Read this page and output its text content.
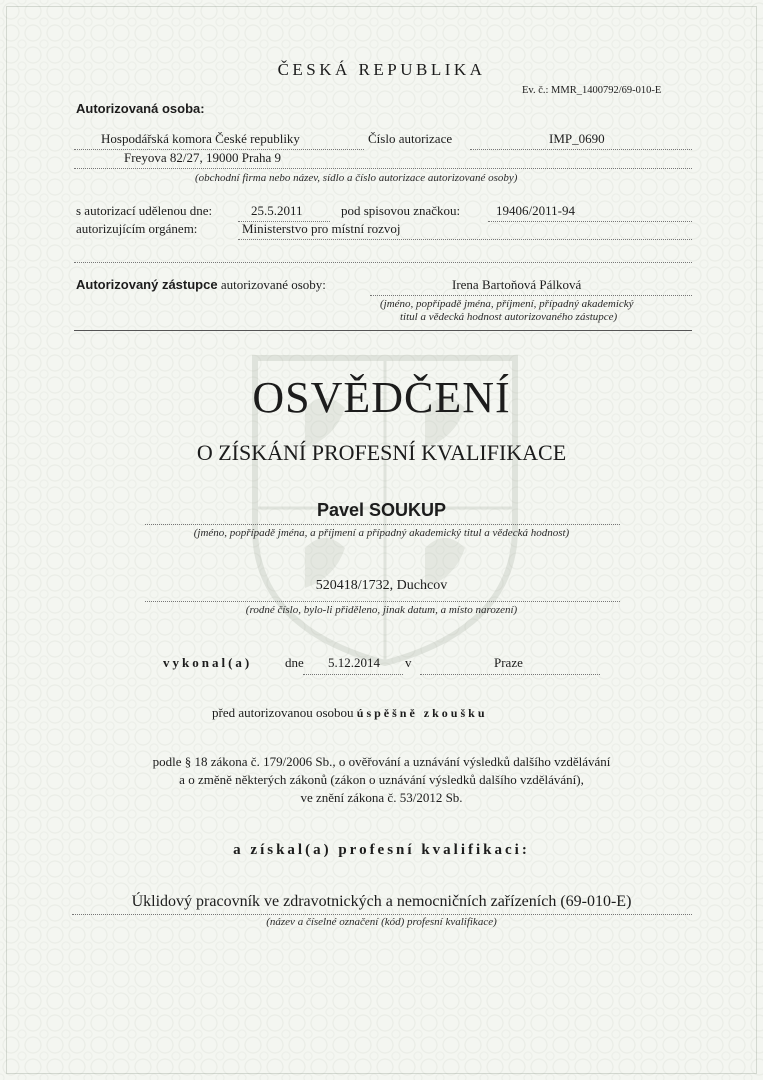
ČESKÁ REPUBLIKA
Ev. č.: MMR_1400792/69-010-E
Autorizovaná osoba:
Hospodářská komora České republiky	Číslo autorizace	IMP_0690
Freyova 82/27, 19000 Praha 9
(obchodní firma nebo název, sídlo a číslo autorizace autorizované osoby)
s autorizací udělenou dne:	25.5.2011	pod spisovou značkou:	19406/2011-94
autorizujícím orgánem:	Ministerstvo pro místní rozvoj
Autorizovaný zástupce autorizované osoby:	Irena Bartoňová Pálková
(jméno, popřípadě jména, příjmení, případný akademický
titul a vědecká hodnost autorizovaného zástupce)
OSVĚDČENÍ
O ZÍSKÁNÍ PROFESNÍ KVALIFIKACE
Pavel SOUKUP
(jméno, popřípadě jména, a příjmení a případný akademický titul a vědecká hodnost)
520418/1732, Duchcov
(rodné číslo, bylo-li přiděleno, jinak datum, a místo narození)
vykonal(a)	dne 5.12.2014 v	Praze
před autorizovanou osobou úspěšně zkoušku
podle § 18 zákona č. 179/2006 Sb., o ověřování a uznávání výsledků dalšího vzdělávání
a o změně některých zákonů (zákon o uznávání výsledků dalšího vzdělávání),
ve znění zákona č. 53/2012 Sb.
a získal(a) profesní kvalifikaci:
Úklidový pracovník ve zdravotnických a nemocničních zařízeních (69-010-E)
(název a číselné označení (kód) profesní kvalifikace)
